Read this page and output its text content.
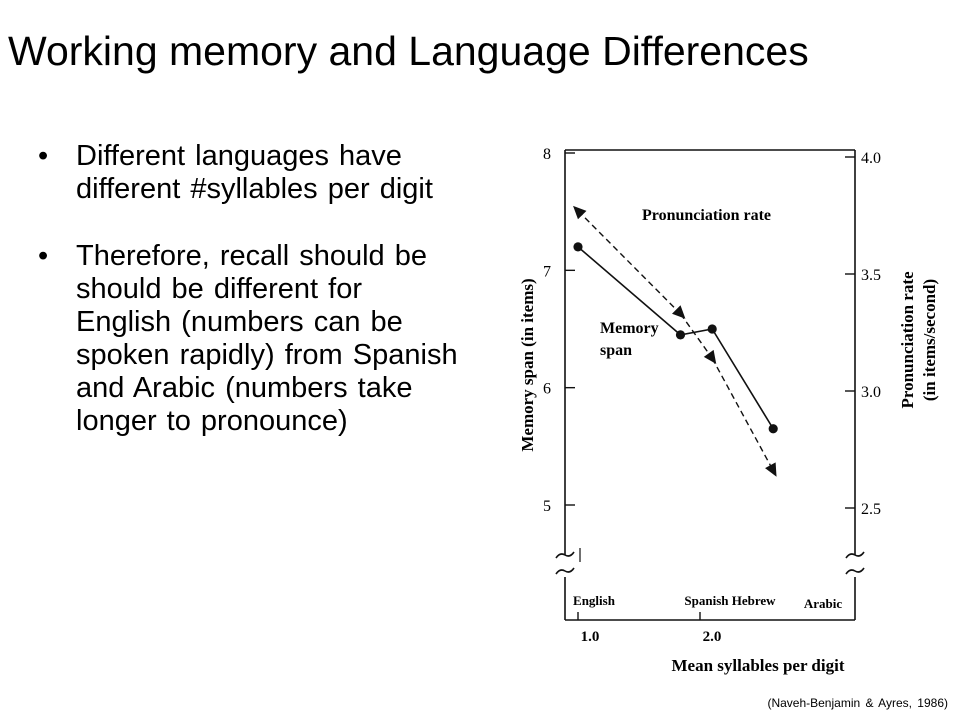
Working memory and Language Differences
• Different languages have different #syllables per digit
• Therefore, recall should be should be different for English (numbers can be spoken rapidly) from Spanish and Arabic (numbers take longer to pronounce)
5
6
7
8
2.5
3.0
3.5
4.0
1.0	2.0
English	Spanish Hebrew Arabic
Mean syllables per digit
Memory span (in items)	Pronunciation rate (in items/second)
Pronunciation rate
Memory
span
(Naveh-Benjamin & Ayres, 1986)
